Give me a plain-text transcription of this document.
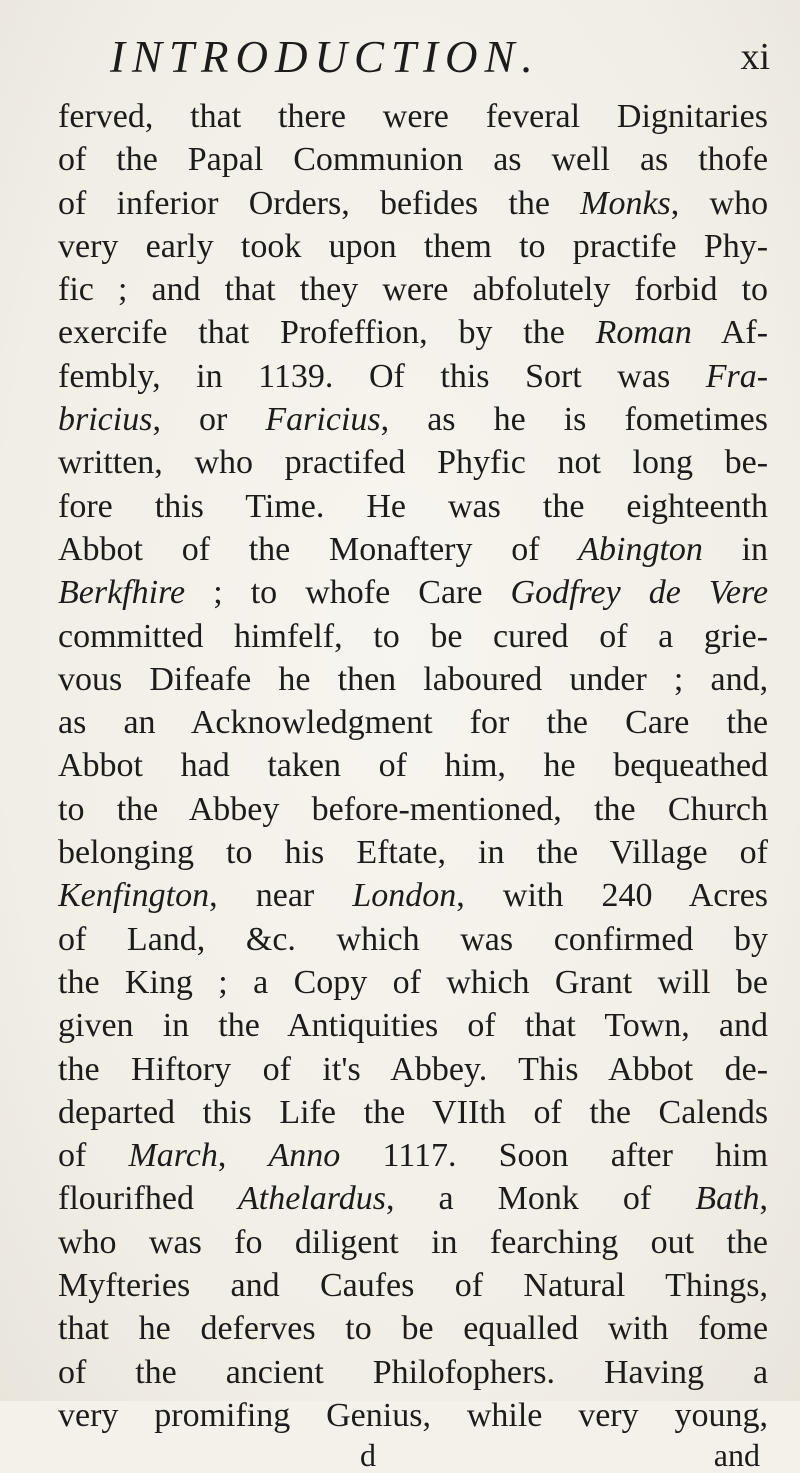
INTRODUCTION.	xi
ferved, that there were feveral Dignitaries
of the Papal Communion as well as thofe
of inferior Orders, befides the Monks, who
very early took upon them to practife Phy-
fic ; and that they were abfolutely forbid to
exercife that Profeffion, by the Roman Af-
fembly, in 1139. Of this Sort was Fra-
bricius, or Faricius, as he is fometimes
written, who practifed Phyfic not long be-
fore this Time. He was the eighteenth
Abbot of the Monaftery of Abington in
Berkfhire ; to whofe Care Godfrey de Vere
committed himfelf, to be cured of a grie-
vous Difeafe he then laboured under ; and,
as an Acknowledgment for the Care the
Abbot had taken of him, he bequeathed
to the Abbey before-mentioned, the Church
belonging to his Eftate, in the Village of
Kenfington, near London, with 240 Acres
of Land, &c. which was confirmed by
the King ; a Copy of which Grant will be
given in the Antiquities of that Town, and
the Hiftory of it's Abbey. This Abbot de-
departed this Life the VIIth of the Calends
of March, Anno 1117. Soon after him
flourifhed Athelardus, a Monk of Bath,
who was fo diligent in fearching out the
Myfteries and Caufes of Natural Things,
that he deferves to be equalled with fome
of the ancient Philofophers. Having a
very promifing Genius, while very young,
d	and
